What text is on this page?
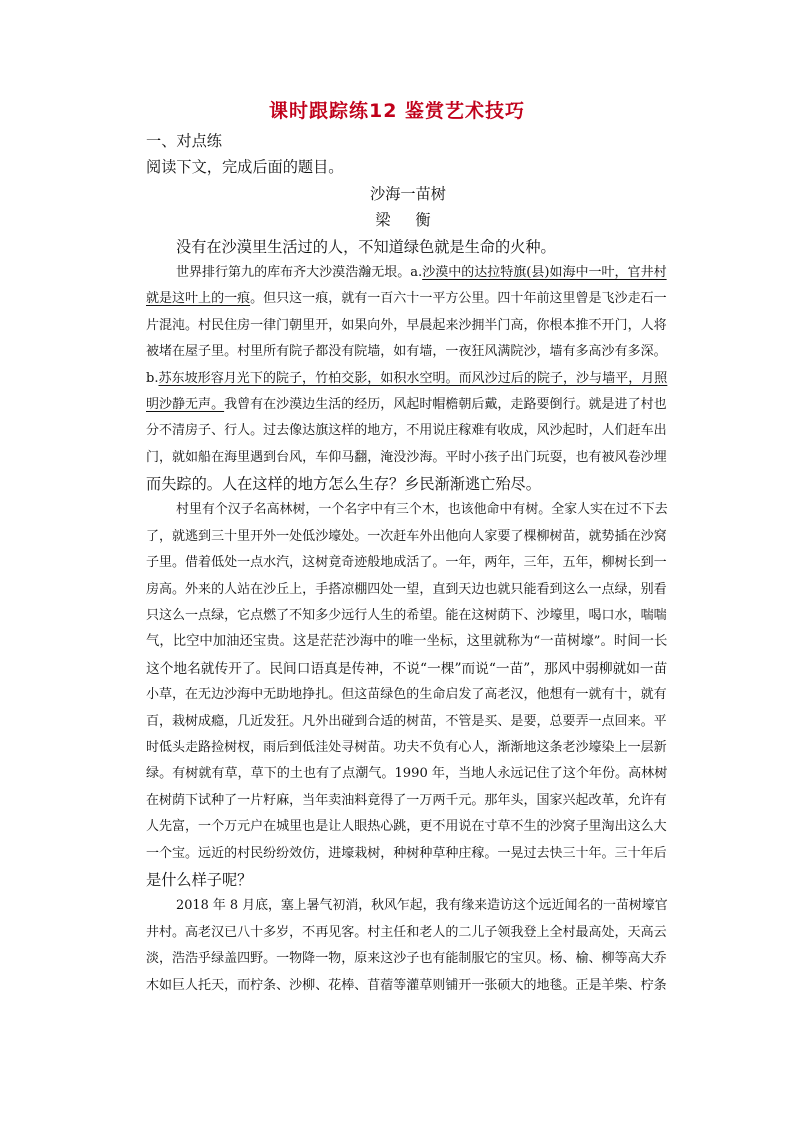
课时跟踪练12 鉴赏艺术技巧
一、对点练
阅读下文，完成后面的题目。
沙海一苗树
梁 衡
没有在沙漠里生活过的人，不知道绿色就是生命的火种。
世界排行第九的库布齐大沙漠浩瀚无垠。a.沙漠中的达拉特旗(县)如海中一叶，官井村
就是这叶上的一痕。但只这一痕，就有一百六十一平方公里。四十年前这里曾是飞沙走石一
片混沌。村民住房一律门朝里开，如果向外，早晨起来沙拥半门高，你根本推不开门，人将
被堵在屋子里。村里所有院子都没有院墙，如有墙，一夜狂风满院沙，墙有多高沙有多深。
b.苏东坡形容月光下的院子，竹柏交影，如积水空明。而风沙过后的院子，沙与墙平，月照
明沙静无声。我曾有在沙漠边生活的经历，风起时帽檐朝后戴，走路要倒行。就是进了村也
分不清房子、行人。过去像达旗这样的地方，不用说庄稼难有收成，风沙起时，人们赶车出
门，就如船在海里遇到台风，车仰马翻，淹没沙海。平时小孩子出门玩耍，也有被风卷沙埋
而失踪的。人在这样的地方怎么生存？乡民渐渐逃亡殆尽。
村里有个汉子名高林树，一个名字中有三个木，也该他命中有树。全家人实在过不下去
了，就逃到三十里开外一处低沙壕处。一次赶车外出他向人家要了棵柳树苗，就势插在沙窝
子里。借着低处一点水汽，这树竟奇迹般地成活了。一年，两年，三年，五年，柳树长到一
房高。外来的人站在沙丘上，手搭凉棚四处一望，直到天边也就只能看到这么一点绿，别看
只这么一点绿，它点燃了不知多少远行人生的希望。能在这树荫下、沙壕里，喝口水，喘喘
气，比空中加油还宝贵。这是茫茫沙海中的唯一坐标，这里就称为“一苗树壕”。时间一长
这个地名就传开了。民间口语真是传神，不说“一棵”而说“一苗”，那风中弱柳就如一苗
小草，在无边沙海中无助地挣扎。但这苗绿色的生命启发了高老汉，他想有一就有十，就有
百，栽树成瘾，几近发狂。凡外出碰到合适的树苗，不管是买、是要，总要弄一点回来。平
时低头走路捡树杈，雨后到低洼处寻树苗。功夫不负有心人，渐渐地这条老沙壕染上一层新
绿。有树就有草，草下的土也有了点潮气。1990 年，当地人永远记住了这个年份。高林树
在树荫下试种了一片籽麻，当年卖油料竟得了一万两千元。那年头，国家兴起改革，允许有
人先富，一个万元户在城里也是让人眼热心跳，更不用说在寸草不生的沙窝子里淘出这么大
一个宝。远近的村民纷纷效仿，进壕栽树，种树种草种庄稼。一晃过去快三十年。三十年后
是什么样子呢？
2018 年 8 月底，塞上暑气初消，秋风乍起，我有缘来造访这个远近闻名的一苗树壕官
井村。高老汉已八十多岁，不再见客。村主任和老人的二儿子领我登上全村最高处，天高云
淡，浩浩乎绿盖四野。一物降一物，原来这沙子也有能制服它的宝贝。杨、榆、柳等高大乔
木如巨人托天，而柠条、沙柳、花棒、苜蓿等灌草则铺开一张硕大的地毯。正是羊柴、柠条
